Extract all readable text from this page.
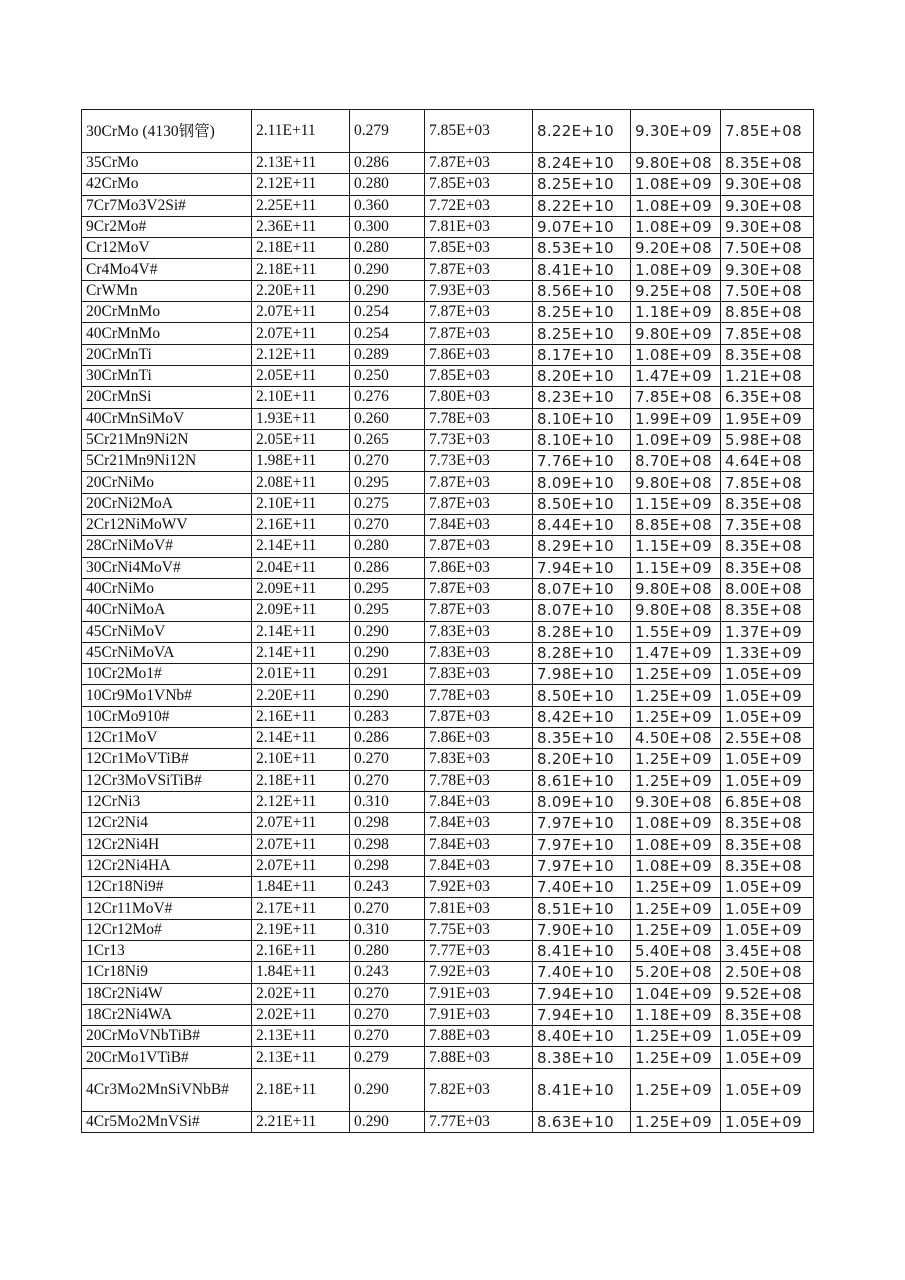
30CrMo (4130钢管)	2.11E+11	0.279	7.85E+03	8.22E+10	9.30E+09	7.85E+08
35CrMo	2.13E+11	0.286	7.87E+03	8.24E+10	9.80E+08	8.35E+08
42CrMo	2.12E+11	0.280	7.85E+03	8.25E+10	1.08E+09	9.30E+08
7Cr7Mo3V2Si#	2.25E+11	0.360	7.72E+03	8.22E+10	1.08E+09	9.30E+08
9Cr2Mo#	2.36E+11	0.300	7.81E+03	9.07E+10	1.08E+09	9.30E+08
Cr12MoV	2.18E+11	0.280	7.85E+03	8.53E+10	9.20E+08	7.50E+08
Cr4Mo4V#	2.18E+11	0.290	7.87E+03	8.41E+10	1.08E+09	9.30E+08
CrWMn	2.20E+11	0.290	7.93E+03	8.56E+10	9.25E+08	7.50E+08
20CrMnMo	2.07E+11	0.254	7.87E+03	8.25E+10	1.18E+09	8.85E+08
40CrMnMo	2.07E+11	0.254	7.87E+03	8.25E+10	9.80E+09	7.85E+08
20CrMnTi	2.12E+11	0.289	7.86E+03	8.17E+10	1.08E+09	8.35E+08
30CrMnTi	2.05E+11	0.250	7.85E+03	8.20E+10	1.47E+09	1.21E+08
20CrMnSi	2.10E+11	0.276	7.80E+03	8.23E+10	7.85E+08	6.35E+08
40CrMnSiMoV	1.93E+11	0.260	7.78E+03	8.10E+10	1.99E+09	1.95E+09
5Cr21Mn9Ni2N	2.05E+11	0.265	7.73E+03	8.10E+10	1.09E+09	5.98E+08
5Cr21Mn9Ni12N	1.98E+11	0.270	7.73E+03	7.76E+10	8.70E+08	4.64E+08
20CrNiMo	2.08E+11	0.295	7.87E+03	8.09E+10	9.80E+08	7.85E+08
20CrNi2MoA	2.10E+11	0.275	7.87E+03	8.50E+10	1.15E+09	8.35E+08
2Cr12NiMoWV	2.16E+11	0.270	7.84E+03	8.44E+10	8.85E+08	7.35E+08
28CrNiMoV#	2.14E+11	0.280	7.87E+03	8.29E+10	1.15E+09	8.35E+08
30CrNi4MoV#	2.04E+11	0.286	7.86E+03	7.94E+10	1.15E+09	8.35E+08
40CrNiMo	2.09E+11	0.295	7.87E+03	8.07E+10	9.80E+08	8.00E+08
40CrNiMoA	2.09E+11	0.295	7.87E+03	8.07E+10	9.80E+08	8.35E+08
45CrNiMoV	2.14E+11	0.290	7.83E+03	8.28E+10	1.55E+09	1.37E+09
45CrNiMoVA	2.14E+11	0.290	7.83E+03	8.28E+10	1.47E+09	1.33E+09
10Cr2Mo1#	2.01E+11	0.291	7.83E+03	7.98E+10	1.25E+09	1.05E+09
10Cr9Mo1VNb#	2.20E+11	0.290	7.78E+03	8.50E+10	1.25E+09	1.05E+09
10CrMo910#	2.16E+11	0.283	7.87E+03	8.42E+10	1.25E+09	1.05E+09
12Cr1MoV	2.14E+11	0.286	7.86E+03	8.35E+10	4.50E+08	2.55E+08
12Cr1MoVTiB#	2.10E+11	0.270	7.83E+03	8.20E+10	1.25E+09	1.05E+09
12Cr3MoVSiTiB#	2.18E+11	0.270	7.78E+03	8.61E+10	1.25E+09	1.05E+09
12CrNi3	2.12E+11	0.310	7.84E+03	8.09E+10	9.30E+08	6.85E+08
12Cr2Ni4	2.07E+11	0.298	7.84E+03	7.97E+10	1.08E+09	8.35E+08
12Cr2Ni4H	2.07E+11	0.298	7.84E+03	7.97E+10	1.08E+09	8.35E+08
12Cr2Ni4HA	2.07E+11	0.298	7.84E+03	7.97E+10	1.08E+09	8.35E+08
12Cr18Ni9#	1.84E+11	0.243	7.92E+03	7.40E+10	1.25E+09	1.05E+09
12Cr11MoV#	2.17E+11	0.270	7.81E+03	8.51E+10	1.25E+09	1.05E+09
12Cr12Mo#	2.19E+11	0.310	7.75E+03	7.90E+10	1.25E+09	1.05E+09
1Cr13	2.16E+11	0.280	7.77E+03	8.41E+10	5.40E+08	3.45E+08
1Cr18Ni9	1.84E+11	0.243	7.92E+03	7.40E+10	5.20E+08	2.50E+08
18Cr2Ni4W	2.02E+11	0.270	7.91E+03	7.94E+10	1.04E+09	9.52E+08
18Cr2Ni4WA	2.02E+11	0.270	7.91E+03	7.94E+10	1.18E+09	8.35E+08
20CrMoVNbTiB#	2.13E+11	0.270	7.88E+03	8.40E+10	1.25E+09	1.05E+09
20CrMo1VTiB#	2.13E+11	0.279	7.88E+03	8.38E+10	1.25E+09	1.05E+09
4Cr3Mo2MnSiVNbB#	2.18E+11	0.290	7.82E+03	8.41E+10	1.25E+09	1.05E+09
4Cr5Mo2MnVSi#	2.21E+11	0.290	7.77E+03	8.63E+10	1.25E+09	1.05E+09
